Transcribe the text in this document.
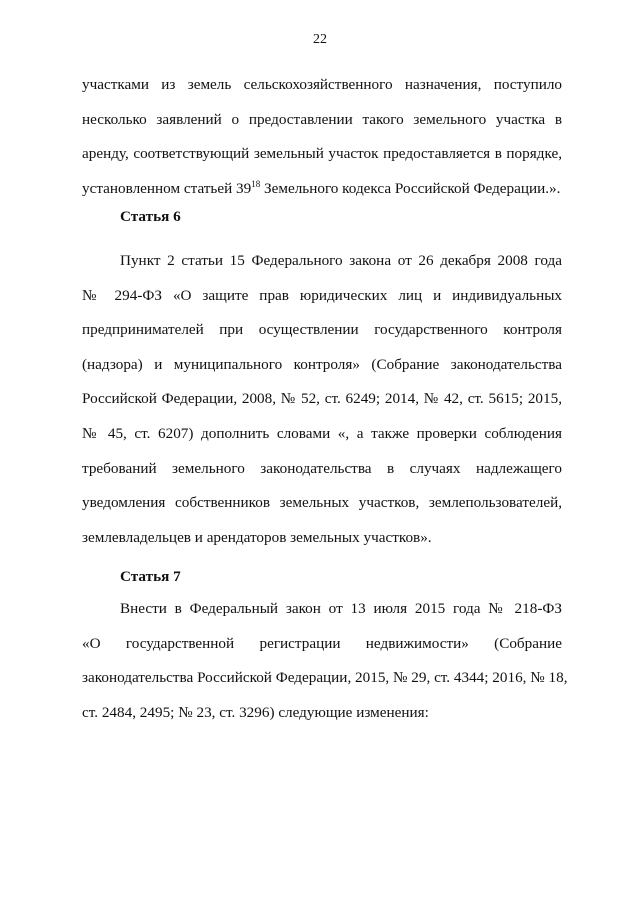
22
участками из земель сельскохозяйственного назначения, поступило
несколько заявлений о предоставлении такого земельного участка в
аренду, соответствующий земельный участок предоставляется в порядке,
установленном статьей $39^{18}$ Земельного кодекса Российской Федерации.».
Статья 6
Пункт 2 статьи 15 Федерального закона от 26 декабря 2008 года
№ 294-ФЗ «О защите прав юридических лиц и индивидуальных
предпринимателей при осуществлении государственного контроля
(надзора) и муниципального контроля» (Собрание законодательства
Российской Федерации, 2008, № 52, ст. 6249; 2014, № 42, ст. 5615; 2015,
№ 45, ст. 6207) дополнить словами «, а также проверки соблюдения
требований земельного законодательства в случаях надлежащего
уведомления собственников земельных участков, землепользователей,
землевладельцев и арендаторов земельных участков».
Статья 7
Внести в Федеральный закон от 13 июля 2015 года № 218-ФЗ
«О государственной регистрации недвижимости» (Собрание
законодательства Российской Федерации, 2015, № 29, ст. 4344; 2016, № 18,
ст. 2484, 2495; № 23, ст. 3296) следующие изменения:
